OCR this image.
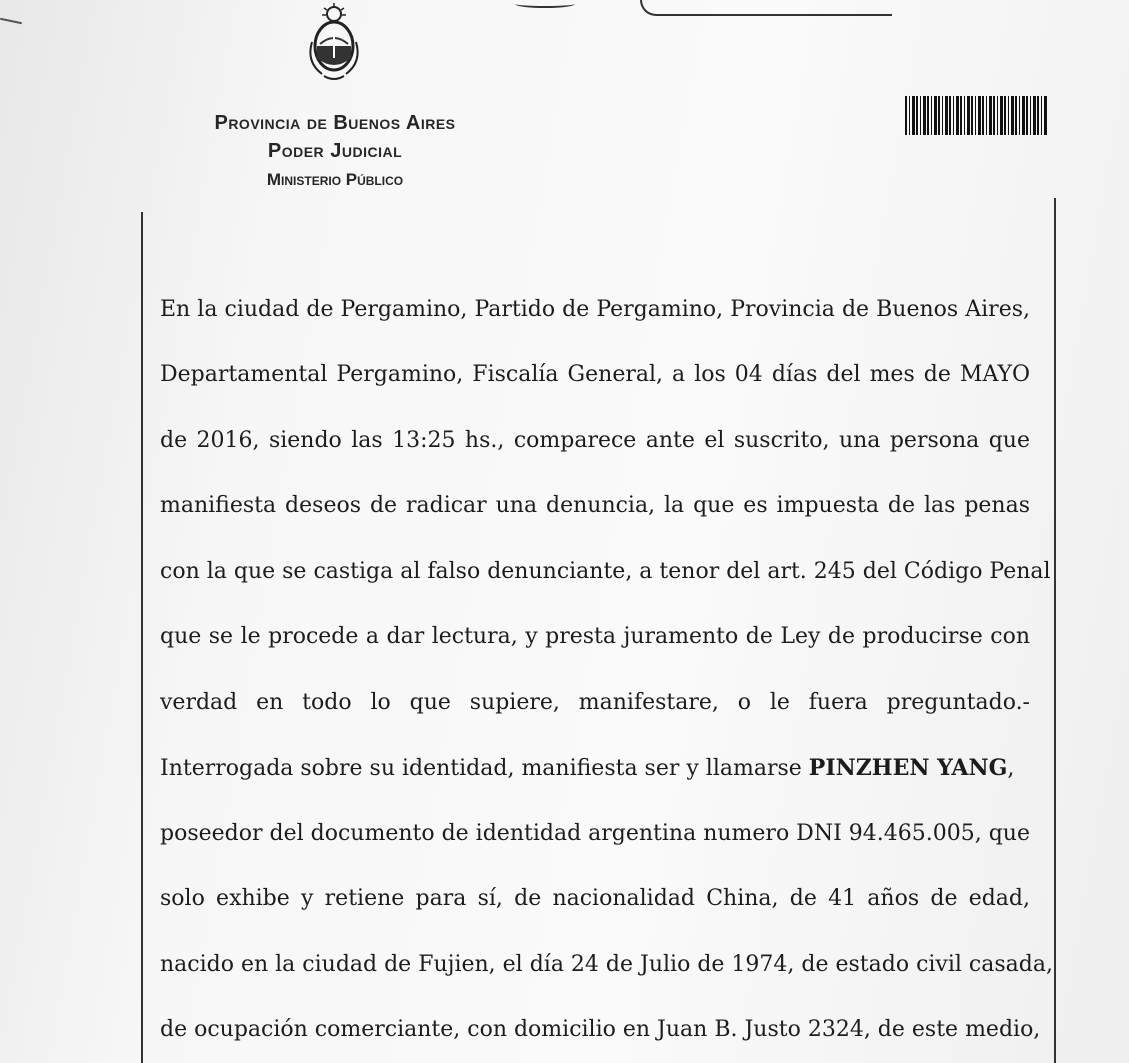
Provincia de Buenos Aires
Poder Judicial
Ministerio Público
En la ciudad de Pergamino, Partido de Pergamino, Provincia de Buenos Aires,
Departamental Pergamino, Fiscalía General, a los 04 días del mes de MAYO
de 2016, siendo las 13:25 hs., comparece ante el suscrito, una persona que
manifiesta deseos de radicar una denuncia, la que es impuesta de las penas
con la que se castiga al falso denunciante, a tenor del art. 245 del Código Penal
que se le procede a dar lectura, y presta juramento de Ley de producirse con
verdad en todo lo que supiere, manifestare, o le fuera preguntado.-
Interrogada sobre su identidad, manifiesta ser y llamarse PINZHEN YANG,
poseedor del documento de identidad argentina numero DNI 94.465.005, que
solo exhibe y retiene para sí, de nacionalidad China, de 41 años de edad,
nacido en la ciudad de Fujien, el día 24 de Julio de 1974, de estado civil casada,
de ocupación comerciante, con domicilio en Juan B. Justo 2324, de este medio,
